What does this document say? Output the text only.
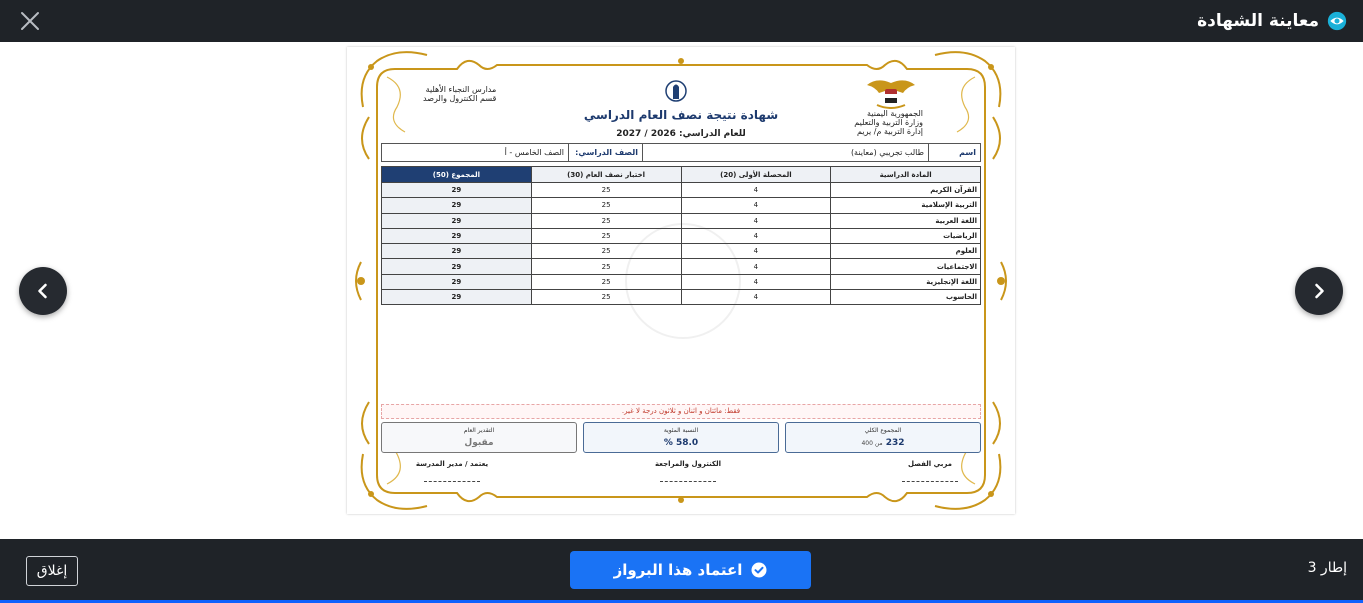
معاينة الشهادة
الجمهورية اليمنية
وزارة التربية والتعليم
إدارة التربية م/ يريم
مدارس النجباء الأهلية
قسم الكنترول والرصد
شهادة نتيجة نصف العام الدراسي
للعام الدراسي: 2026 / 2027
اسم
طالب تجريبي (معاينة)
الصف الدراسي:
الصف الخامس - أ
المادة الدراسية	المحصلة الأولى (20)	اختبار نصف العام (30)	المجموع (50)
القرآن الكريم	4	25	29
التربية الإسلامية	4	25	29
اللغة العربية	4	25	29
الرياضيات	4	25	29
العلوم	4	25	29
الاجتماعيات	4	25	29
اللغة الإنجليزية	4	25	29
الحاسوب	4	25	29
فقط: مائتان و اثنان و ثلاثون درجة لا غير.
المجموع الكلي
232 من 400
النسبة المئوية
58.0 %
التقدير العام
مقبول
مربي الفصل
الكنترول والمراجعة
يعتمد / مدير المدرسة
إغلاق	اعتماد هذا البرواز	إطار 3
